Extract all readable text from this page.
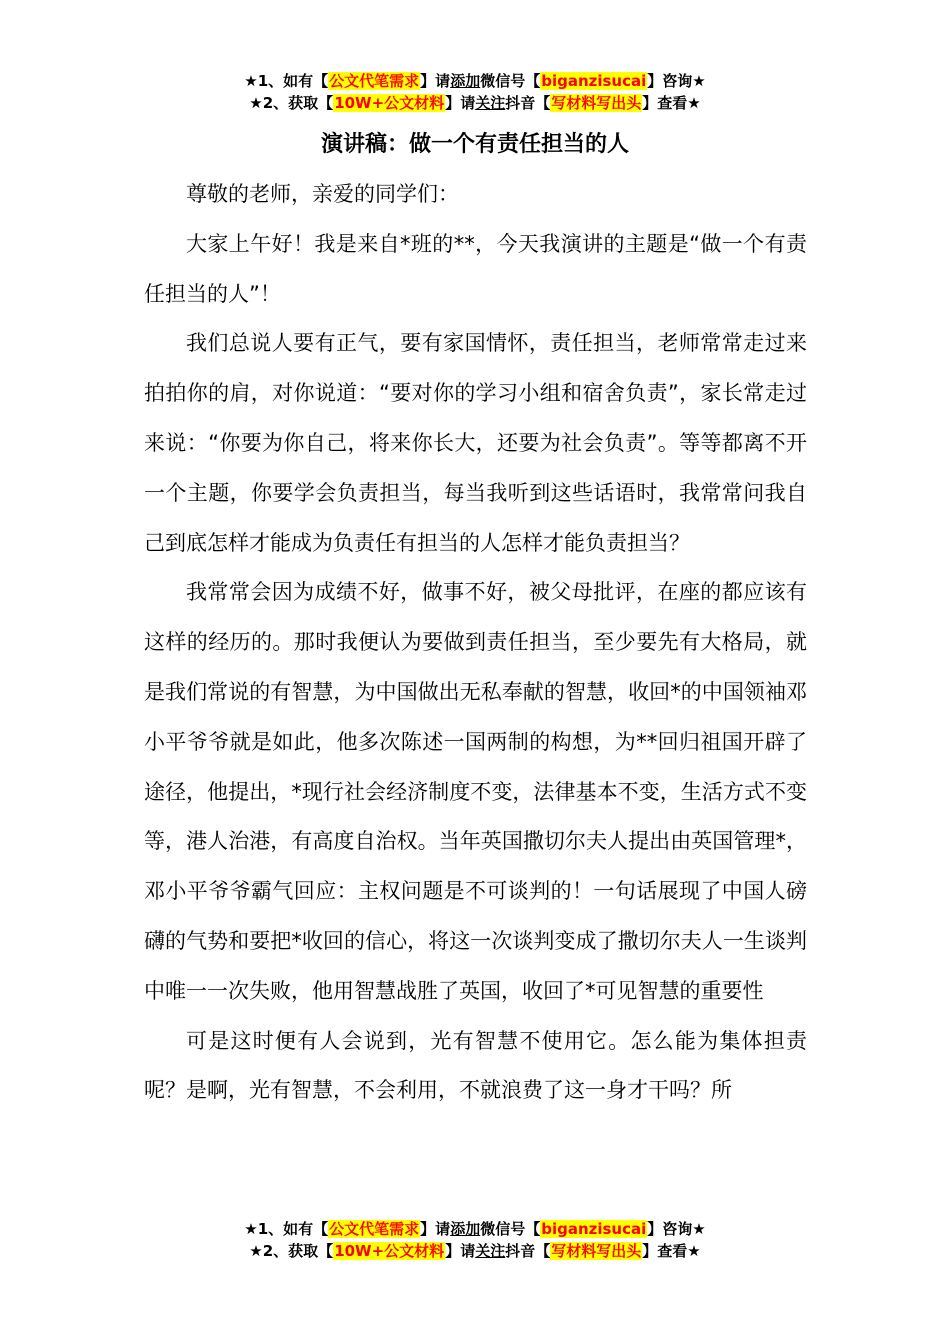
★1、如有【公文代笔需求】请添加微信号【biganzisucai】咨询★
★2、获取【10W+公文材料】请关注抖音【写材料写出头】查看★
演讲稿：做一个有责任担当的人

尊敬的老师，亲爱的同学们：

大家上午好！我是来自*班的**，今天我演讲的主题是“做一个有责任担当的人”！

我们总说人要有正气，要有家国情怀，责任担当，老师常常走过来拍拍你的肩，对你说道：“要对你的学习小组和宿舍负责”，家长常走过来说：“你要为你自己，将来你长大，还要为社会负责”。等等都离不开一个主题，你要学会负责担当，每当我听到这些话语时，我常常问我自己到底怎样才能成为负责任有担当的人怎样才能负责担当？

我常常会因为成绩不好，做事不好，被父母批评，在座的都应该有这样的经历的。那时我便认为要做到责任担当，至少要先有大格局，就是我们常说的有智慧，为中国做出无私奉献的智慧，收回*的中国领袖邓小平爷爷就是如此，他多次陈述一国两制的构想，为**回归祖国开辟了途径，他提出，*现行社会经济制度不变，法律基本不变，生活方式不变等，港人治港，有高度自治权。当年英国撒切尔夫人提出由英国管理*，邓小平爷爷霸气回应：主权问题是不可谈判的！一句话展现了中国人磅礴的气势和要把*收回的信心，将这一次谈判变成了撒切尔夫人一生谈判中唯一一次失败，他用智慧战胜了英国，收回了*可见智慧的重要性

可是这时便有人会说到，光有智慧不使用它。怎么能为集体担责呢？是啊，光有智慧，不会利用，不就浪费了这一身才干吗？所

★1、如有【公文代笔需求】请添加微信号【biganzisucai】咨询★
★2、获取【10W+公文材料】请关注抖音【写材料写出头】查看★
